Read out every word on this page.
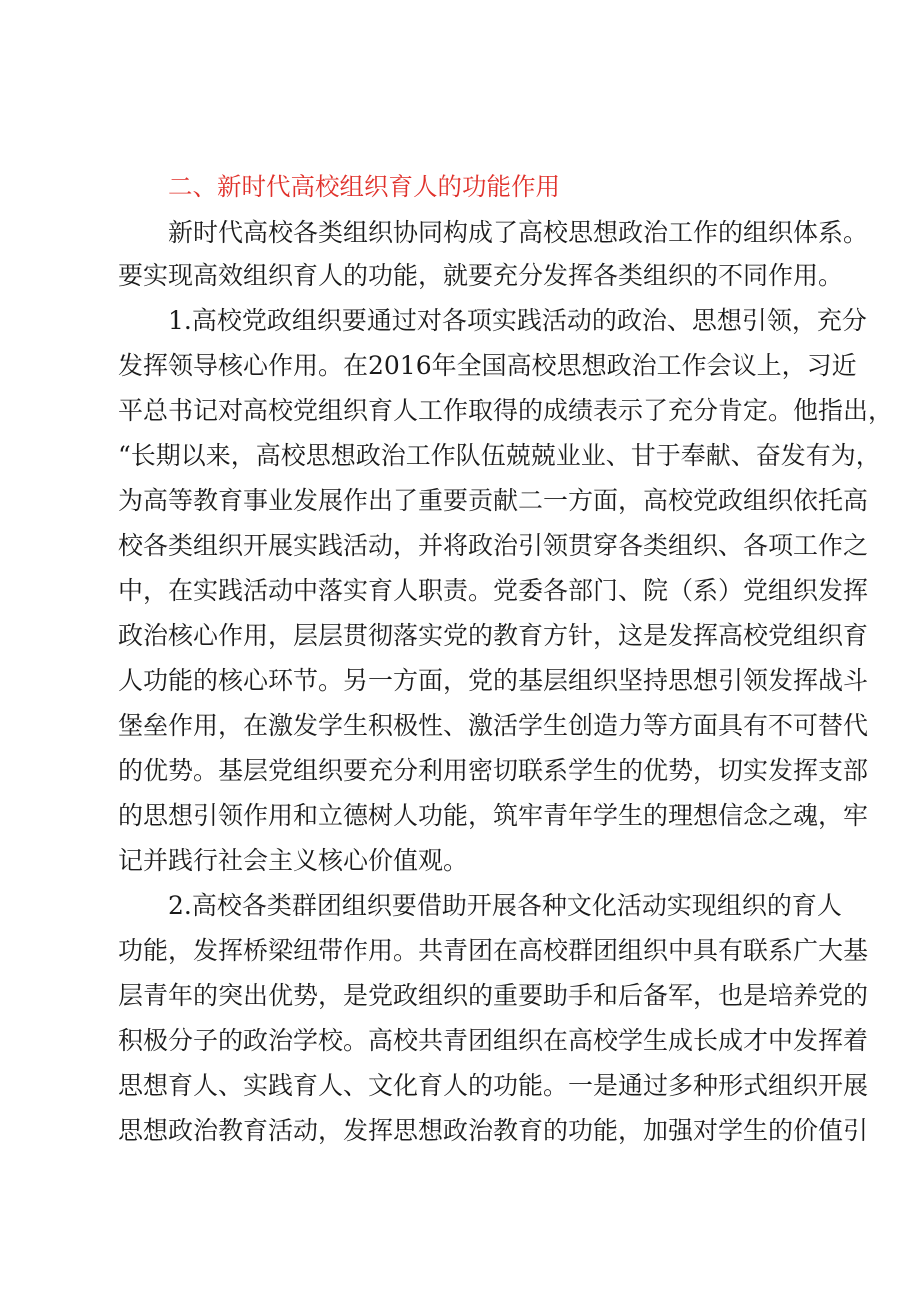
二、新时代高校组织育人的功能作用

新时代高校各类组织协同构成了高校思想政治工作的组织体系。

要实现高效组织育人的功能，就要充分发挥各类组织的不同作用。

1.高校党政组织要通过对各项实践活动的政治、思想引领，充分

发挥领导核心作用。在2016年全国高校思想政治工作会议上，习近

平总书记对高校党组织育人工作取得的成绩表示了充分肯定。他指出，

“长期以来，高校思想政治工作队伍兢兢业业、甘于奉献、奋发有为，

为高等教育事业发展作出了重要贡献二一方面，高校党政组织依托高

校各类组织开展实践活动，并将政治引领贯穿各类组织、各项工作之

中，在实践活动中落实育人职责。党委各部门、院（系）党组织发挥

政治核心作用，层层贯彻落实党的教育方针，这是发挥高校党组织育

人功能的核心环节。另一方面，党的基层组织坚持思想引领发挥战斗

堡垒作用，在激发学生积极性、激活学生创造力等方面具有不可替代

的优势。基层党组织要充分利用密切联系学生的优势，切实发挥支部

的思想引领作用和立德树人功能，筑牢青年学生的理想信念之魂，牢

记并践行社会主义核心价值观。

2.高校各类群团组织要借助开展各种文化活动实现组织的育人

功能，发挥桥梁纽带作用。共青团在高校群团组织中具有联系广大基

层青年的突出优势，是党政组织的重要助手和后备军，也是培养党的

积极分子的政治学校。高校共青团组织在高校学生成长成才中发挥着

思想育人、实践育人、文化育人的功能。一是通过多种形式组织开展

思想政治教育活动，发挥思想政治教育的功能，加强对学生的价值引
